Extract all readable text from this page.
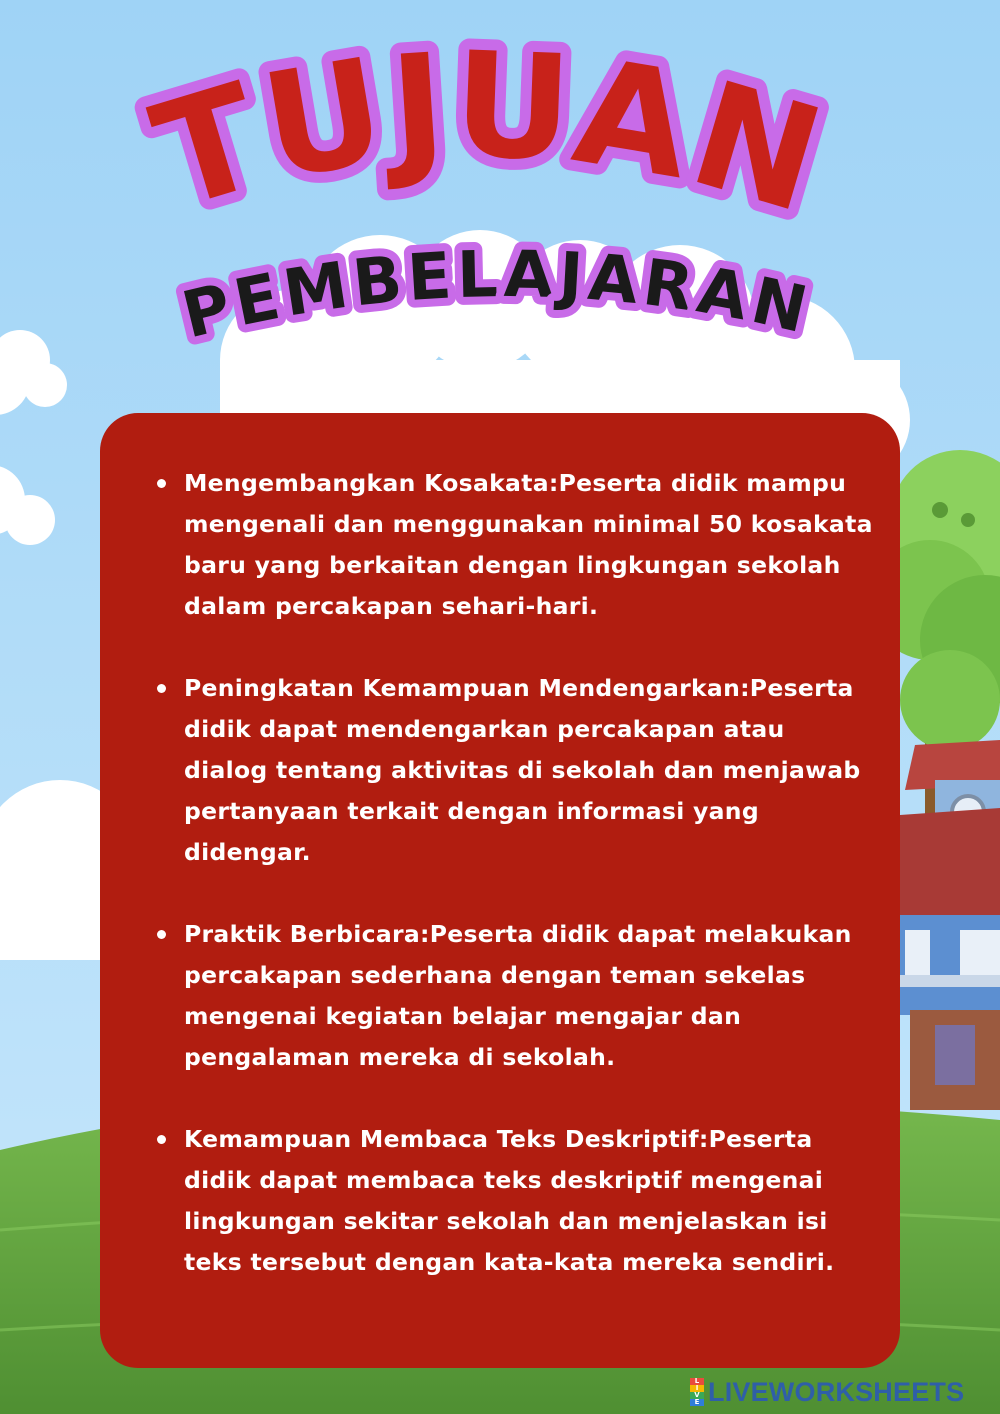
TUJUAN
PEMBELAJARAN
Mengembangkan Kosakata:Peserta didik mampu mengenali dan menggunakan minimal 50 kosakata baru yang berkaitan dengan lingkungan sekolah dalam percakapan sehari-hari.
Peningkatan Kemampuan Mendengarkan:Peserta didik dapat mendengarkan percakapan atau dialog tentang aktivitas di sekolah dan menjawab pertanyaan terkait dengan informasi yang didengar.
Praktik Berbicara:Peserta didik dapat melakukan percakapan sederhana dengan teman sekelas mengenai kegiatan belajar mengajar dan pengalaman mereka di sekolah.
Kemampuan Membaca Teks Deskriptif:Peserta didik dapat membaca teks deskriptif mengenai lingkungan sekitar sekolah dan menjelaskan isi teks tersebut dengan kata-kata mereka sendiri.
L
I
V
E LIVEWORKSHEETS
